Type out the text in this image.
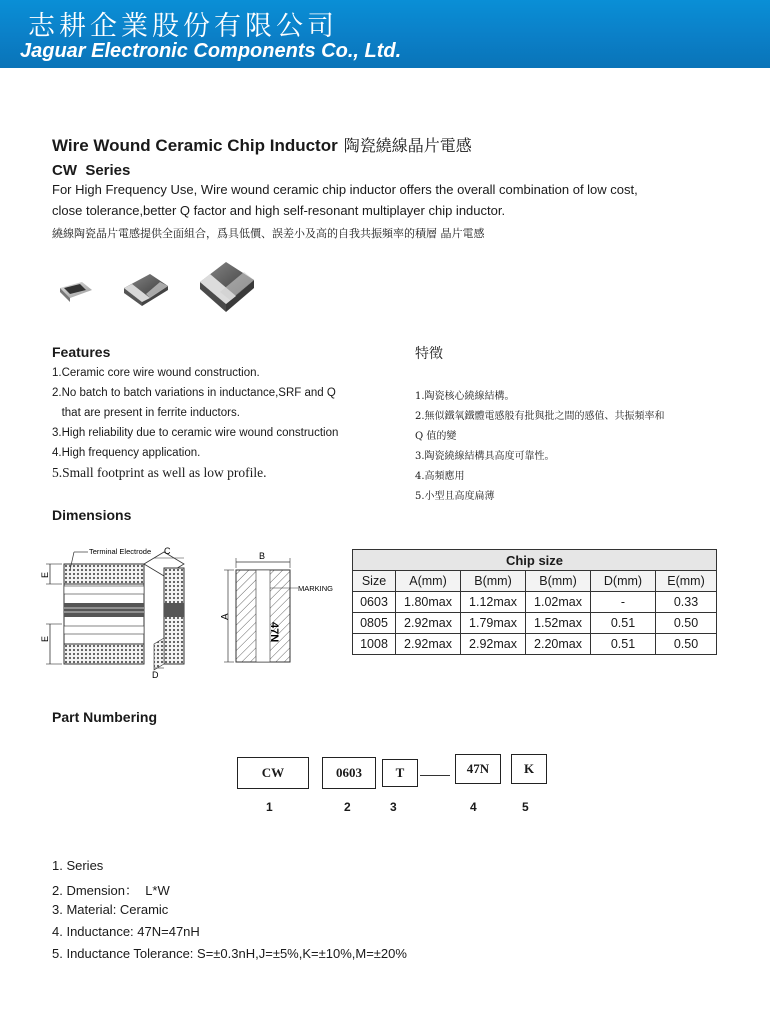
志耕企業股份有限公司
Jaguar Electronic Components Co., Ltd.
Wire Wound Ceramic Chip Inductor 陶瓷繞線晶片電感
CW  Series
For High Frequency Use, Wire wound ceramic chip inductor offers the overall combination of low cost,
close tolerance,better Q factor and high self-resonant multiplayer chip inductor.
繞線陶瓷晶片電感提供全面組合，爲具低價、誤差小及高的自我共振頻率的積層 晶片電感
Features	特徵
1.Ceramic core wire wound construction.
2.No batch to batch variations in inductance,SRF and Q
that are present in ferrite inductors.
3.High reliability due to ceramic wire wound construction
4.High frequency application.
5.Small footprint as well as low profile.
1.陶瓷核心繞線結構。
2.無似鐵氧鐵體電感般有批與批之間的感值、共振頻率和
Q 值的變
3.陶瓷繞線結構具高度可靠性。
4.高頻應用
5.小型且高度扁薄
Dimensions
E
E
Terminal Electrode C
D
47N
B
A
MARKING
Chip size					
Size	A(mm)	B(mm)	B(mm)	D(mm)	E(mm)
0603	1.80max	1.12max	1.02max	-	0.33
0805	2.92max	1.79max	1.52max	0.51	0.50
1008	2.92max	2.92max	2.20max	0.51	0.50
Part Numbering
CW	0603	T	47N	K
1	2	3	4	5
1. Series
2. Dmension：  L*W
3. Material: Ceramic
4. Inductance: 47N=47nH
5. Inductance Tolerance: S=±0.3nH,J=±5%,K=±10%,M=±20%
